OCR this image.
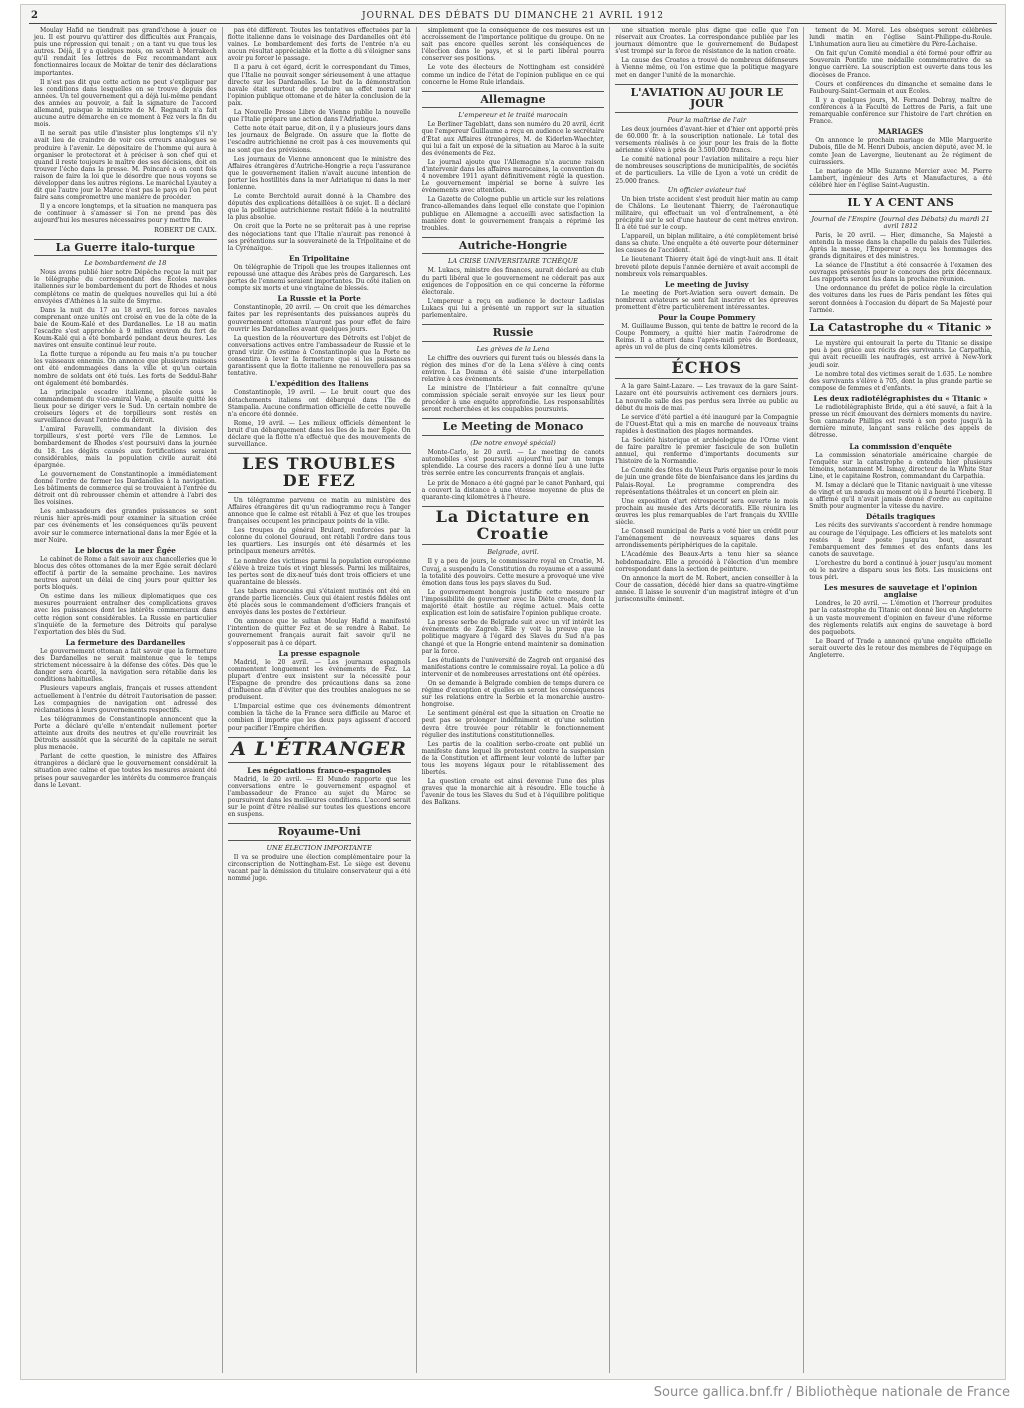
2	JOURNAL DES DÉBATS DU DIMANCHE 21 AVRIL 1912

Moulay Hafid ne tiendrait pas grand'chose à jouer ce jeu. Il est pourvu qu'attirer des difficultés aux Français, puis une répression qui tenait ; on a tant vu que tous les autres. Déjà, il y a quelques mois, on savait à Merrakech qu'il rendait les lettres de Fez recommandant aux fonctionnaires locaux de Moktar de tenir des déclarations importantes.

Il n'est pas dit que cette action ne peut s'expliquer par les conditions dans lesquelles on se trouve depuis des années. Un tel gouvernement qui a déjà lui-même pendant des années au pouvoir, a fait la signature de l'accord allemand, puisque le ministre de M. Regnault n'a fait aucune autre démarche en ce moment à Fez vers la fin du mois.

Il ne serait pas utile d'insister plus longtemps s'il n'y avait lieu de craindre de voir ces erreurs analogues se produire à l'avenir. Le dépositaire de l'homme qui aura à organiser le protectorat et à préciser à son chef qui et quand il reste toujours le maître des ses décisions, doit en trouver l'écho dans la presse. M. Poincaré a en cent fois raison de faire la loi que le désordre que nous voyons se développer dans les autres régions. Le maréchal Lyautey a dit que l'autre jour le Maroc n'est pas le pays où l'on peut faire sans compromettre une manière de procéder.

Il y a encore longtemps, et la situation ne manquera pas de continuer à s'amasser si l'on ne prend pas dès aujourd'hui les mesures nécessaires pour y mettre fin.

ROBERT DE CAIX.
La Guerre italo-turque
Le bombardement de 18

Nous avons publié hier notre Dépêche reçue la nuit par le télégraphe du correspondant des Écoles navales italiennes sur le bombardement du port de Rhodes et nous complétons ce matin de quelques nouvelles qui lui a été envoyées d'Athènes à la suite de Smyrne.

Dans la nuit du 17 au 18 avril, les forces navales comprenant onze unités ont croisé en vue de la côte de la baie de Koum-Kalé et des Dardanelles. Le 18 au matin l'escadre s'est approchée à 9 milles environ du fort de Koum-Kalé qui a été bombardé pendant deux heures. Les navires ont ensuite continué leur route.

La flotte turque a répondu au feu mais n'a pu toucher les vaisseaux ennemis. On annonce que plusieurs maisons ont été endommagées dans la ville et qu'un certain nombre de soldats ont été tués. Les forts de Seddul-Bahr ont également été bombardés.

La principale escadre italienne, placée sous le commandement du vice-amiral Viale, a ensuite quitté les lieux pour se diriger vers le Sud. Un certain nombre de croiseurs légers et de torpilleurs sont restés en surveillance devant l'entrée du détroit.

L'amiral Faravelli, commandant la division des torpilleurs, s'est porté vers l'île de Lemnos. Le bombardement de Rhodes s'est poursuivi dans la journée du 18. Les dégâts causés aux fortifications seraient considérables, mais la population civile aurait été épargnée.

Le gouvernement de Constantinople a immédiatement donné l'ordre de fermer les Dardanelles à la navigation. Les bâtiments de commerce qui se trouvaient à l'entrée du détroit ont dû rebrousser chemin et attendre à l'abri des îles voisines.

Les ambassadeurs des grandes puissances se sont réunis hier après-midi pour examiner la situation créée par ces événements et les conséquences qu'ils peuvent avoir sur le commerce international dans la mer Égée et la mer Noire.

Le blocus de la mer Égée

Le cabinet de Rome a fait savoir aux chancelleries que le blocus des côtes ottomanes de la mer Égée serait déclaré effectif à partir de la semaine prochaine. Les navires neutres auront un délai de cinq jours pour quitter les ports bloqués.

On estime dans les milieux diplomatiques que ces mesures pourraient entraîner des complications graves avec les puissances dont les intérêts commerciaux dans cette région sont considérables. La Russie en particulier s'inquiète de la fermeture des Détroits qui paralyse l'exportation des blés du Sud.

La fermeture des Dardanelles

Le gouvernement ottoman a fait savoir que la fermeture des Dardanelles ne serait maintenue que le temps strictement nécessaire à la défense des côtes. Dès que le danger sera écarté, la navigation sera rétablie dans les conditions habituelles.

Plusieurs vapeurs anglais, français et russes attendent actuellement à l'entrée du détroit l'autorisation de passer. Les compagnies de navigation ont adressé des réclamations à leurs gouvernements respectifs.

Les télégrammes de Constantinople annoncent que la Porte a déclaré qu'elle n'entendait nullement porter atteinte aux droits des neutres et qu'elle rouvrirait les Détroits aussitôt que la sécurité de la capitale ne serait plus menacée.

Parlant de cette question, le ministre des Affaires étrangères a déclaré que le gouvernement considérait la situation avec calme et que toutes les mesures avaient été prises pour sauvegarder les intérêts du commerce français dans le Levant.

pas été différent. Toutes les tentatives effectuées par la flotte italienne dans le voisinage des Dardanelles ont été vaines. Le bombardement des forts de l'entrée n'a eu aucun résultat appréciable et la flotte a dû s'éloigner sans avoir pu forcer le passage.

Il a paru à cet égard, écrit le correspondant du Times, que l'Italie ne pouvait songer sérieusement à une attaque directe sur les Dardanelles. Le but de la démonstration navale était surtout de produire un effet moral sur l'opinion publique ottomane et de hâter la conclusion de la paix.

La Nouvelle Presse Libre de Vienne publie la nouvelle que l'Italie prépare une action dans l'Adriatique.

Cette note était parue, dit-on, il y a plusieurs jours dans les journaux de Belgrade. On assure que la flotte de l'escadre autrichienne ne croit pas à ces mouvements qui ne sont que des prévisions.

Les journaux de Vienne annoncent que le ministre des Affaires étrangères d'Autriche-Hongrie a reçu l'assurance que le gouvernement italien n'avait aucune intention de porter les hostilités dans la mer Adriatique ni dans la mer Ionienne.

Le comte Berchtold aurait donné à la Chambre des députés des explications détaillées à ce sujet. Il a déclaré que la politique autrichienne restait fidèle à la neutralité la plus absolue.

On croit que la Porte ne se prêterait pas à une reprise des négociations tant que l'Italie n'aurait pas renoncé à ses prétentions sur la souveraineté de la Tripolitaine et de la Cyrénaïque.

En Tripolitaine

On télégraphie de Tripoli que les troupes italiennes ont repoussé une attaque des Arabes près de Gargaresch. Les pertes de l'ennemi seraient importantes. Du côté italien on compte six morts et une vingtaine de blessés.

La Russie et la Porte

Constantinople, 20 avril. — On croit que les démarches faites par les représentants des puissances auprès du gouvernement ottoman n'auront pas pour effet de faire rouvrir les Dardanelles avant quelques jours.

La question de la réouverture des Détroits est l'objet de conversations actives entre l'ambassadeur de Russie et le grand vizir. On estime à Constantinople que la Porte ne consentira à lever la fermeture que si les puissances garantissent que la flotte italienne ne renouvellera pas sa tentative.

L'expédition des Italiens

Constantinople, 19 avril. — Le bruit court que des détachements italiens ont débarqué dans l'île de Stampalia. Aucune confirmation officielle de cette nouvelle n'a encore été donnée.

Rome, 19 avril. — Les milieux officiels démentent le bruit d'un débarquement dans les îles de la mer Égée. On déclare que la flotte n'a effectué que des mouvements de surveillance.

LES TROUBLES DE FEZ

Un télégramme parvenu ce matin au ministère des Affaires étrangères dit qu'un radiogramme reçu à Tanger annonce que le calme est rétabli à Fez et que les troupes françaises occupent les principaux points de la ville.

Les troupes du général Brulard, renforcées par la colonne du colonel Gouraud, ont rétabli l'ordre dans tous les quartiers. Les insurgés ont été désarmés et les principaux meneurs arrêtés.

Le nombre des victimes parmi la population européenne s'élève à treize tués et vingt blessés. Parmi les militaires, les pertes sont de dix-neuf tués dont trois officiers et une quarantaine de blessés.

Les tabors marocains qui s'étaient mutinés ont été en grande partie licenciés. Ceux qui étaient restés fidèles ont été placés sous le commandement d'officiers français et envoyés dans les postes de l'extérieur.

On annonce que le sultan Moulay Hafid a manifesté l'intention de quitter Fez et de se rendre à Rabat. Le gouvernement français aurait fait savoir qu'il ne s'opposerait pas à ce départ.

La presse espagnole

Madrid, le 20 avril. — Les journaux espagnols commentent longuement les événements de Fez. La plupart d'entre eux insistent sur la nécessité pour l'Espagne de prendre des précautions dans sa zone d'influence afin d'éviter que des troubles analogues ne se produisent.

L'Imparcial estime que ces événements démontrent combien la tâche de la France sera difficile au Maroc et combien il importe que les deux pays agissent d'accord pour pacifier l'Empire chérifien.

A L'ÉTRANGER
Les négociations franco-espagnoles

Madrid, le 20 avril. — El Mundo rapporte que les conversations entre le gouvernement espagnol et l'ambassadeur de France au sujet du Maroc se poursuivent dans les meilleures conditions. L'accord serait sur le point d'être réalisé sur toutes les questions encore en suspens.

Royaume-Uni
UNE ÉLECTION IMPORTANTE

Il va se produire une élection complémentaire pour la circonscription de Nottingham-Est. Le siège est devenu vacant par la démission du titulaire conservateur qui a été nommé juge.

simplement que la conséquence de ces mesures est un accroissement de l'importance politique du groupe. On ne sait pas encore quelles seront les conséquences de l'élection dans le pays, et si le parti libéral pourra conserver ses positions.

Le vote des électeurs de Nottingham est considéré comme un indice de l'état de l'opinion publique en ce qui concerne le Home Rule irlandais.

Allemagne
L'empereur et le traité marocain

Le Berliner Tageblatt, dans son numéro du 20 avril, écrit que l'empereur Guillaume a reçu en audience le secrétaire d'État aux Affaires étrangères, M. de Kiderlen-Waechter, qui lui a fait un exposé de la situation au Maroc à la suite des événements de Fez.

Le journal ajoute que l'Allemagne n'a aucune raison d'intervenir dans les affaires marocaines, la convention du 4 novembre 1911 ayant définitivement réglé la question. Le gouvernement impérial se borne à suivre les événements avec attention.

La Gazette de Cologne publie un article sur les relations franco-allemandes dans lequel elle constate que l'opinion publique en Allemagne a accueilli avec satisfaction la manière dont le gouvernement français a réprimé les troubles.

Autriche-Hongrie
LA CRISE UNIVERSITAIRE TCHÈQUE

M. Lukacs, ministre des finances, aurait déclaré au club du parti libéral que le gouvernement ne céderait pas aux exigences de l'opposition en ce qui concerne la réforme électorale.

L'empereur a reçu en audience le docteur Ladislas Lukacs qui lui a présenté un rapport sur la situation parlementaire.

Russie
Les grèves de la Lena

Le chiffre des ouvriers qui furent tués ou blessés dans la région des mines d'or de la Lena s'élève à cinq cents environ. La Douma a été saisie d'une interpellation relative à ces événements.

Le ministre de l'Intérieur a fait connaître qu'une commission spéciale serait envoyée sur les lieux pour procéder à une enquête approfondie. Les responsabilités seront recherchées et les coupables poursuivis.

Le Meeting de Monaco
(De notre envoyé spécial)

Monte-Carlo, le 20 avril. — Le meeting de canots automobiles s'est poursuivi aujourd'hui par un temps splendide. La course des racers a donné lieu à une lutte très serrée entre les concurrents français et anglais.

Le prix de Monaco a été gagné par le canot Panhard, qui a couvert la distance à une vitesse moyenne de plus de quarante-cinq kilomètres à l'heure.

La Dictature en Croatie
Belgrade, avril.

Il y a peu de jours, le commissaire royal en Croatie, M. Cuvaj, a suspendu la Constitution du royaume et a assumé la totalité des pouvoirs. Cette mesure a provoqué une vive émotion dans tous les pays slaves du Sud.

Le gouvernement hongrois justifie cette mesure par l'impossibilité de gouverner avec la Diète croate, dont la majorité était hostile au régime actuel. Mais cette explication est loin de satisfaire l'opinion publique croate.

La presse serbe de Belgrade suit avec un vif intérêt les événements de Zagreb. Elle y voit la preuve que la politique magyare à l'égard des Slaves du Sud n'a pas changé et que la Hongrie entend maintenir sa domination par la force.

Les étudiants de l'université de Zagreb ont organisé des manifestations contre le commissaire royal. La police a dû intervenir et de nombreuses arrestations ont été opérées.

On se demande à Belgrade combien de temps durera ce régime d'exception et quelles en seront les conséquences sur les relations entre la Serbie et la monarchie austro-hongroise.

Le sentiment général est que la situation en Croatie ne peut pas se prolonger indéfiniment et qu'une solution devra être trouvée pour rétablir le fonctionnement régulier des institutions constitutionnelles.

Les partis de la coalition serbo-croate ont publié un manifeste dans lequel ils protestent contre la suspension de la Constitution et affirment leur volonté de lutter par tous les moyens légaux pour le rétablissement des libertés.

La question croate est ainsi devenue l'une des plus graves que la monarchie ait à résoudre. Elle touche à l'avenir de tous les Slaves du Sud et à l'équilibre politique des Balkans.

une situation morale plus digne que celle que l'on réservait aux Croates. La correspondance publiée par les journaux démontre que le gouvernement de Budapest s'est trompé sur la force de résistance de la nation croate.

La cause des Croates a trouvé de nombreux défenseurs à Vienne même, où l'on estime que la politique magyare met en danger l'unité de la monarchie.

L'AVIATION AU JOUR LE JOUR
Pour la maîtrise de l'air

Les deux journées d'avant-hier et d'hier ont apporté près de 60.000 fr. à la souscription nationale. Le total des versements réalisés à ce jour pour les frais de la flotte aérienne s'élève à près de 3.500.000 francs.

Le comité national pour l'aviation militaire a reçu hier de nombreuses souscriptions de municipalités, de sociétés et de particuliers. La ville de Lyon a voté un crédit de 25.000 francs.

Un officier aviateur tué

Un bien triste accident s'est produit hier matin au camp de Châlons. Le lieutenant Thierry, de l'aéronautique militaire, qui effectuait un vol d'entraînement, a été précipité sur le sol d'une hauteur de cent mètres environ. Il a été tué sur le coup.

L'appareil, un biplan militaire, a été complètement brisé dans sa chute. Une enquête a été ouverte pour déterminer les causes de l'accident.

Le lieutenant Thierry était âgé de vingt-huit ans. Il était breveté pilote depuis l'année dernière et avait accompli de nombreux vols remarquables.

Le meeting de Juvisy

Le meeting de Port-Aviation sera ouvert demain. De nombreux aviateurs se sont fait inscrire et les épreuves promettent d'être particulièrement intéressantes.

Pour la Coupe Pommery

M. Guillaume Busson, qui tente de battre le record de la Coupe Pommery, a quitté hier matin l'aérodrome de Reims. Il a atterri dans l'après-midi près de Bordeaux, après un vol de plus de cinq cents kilomètres.

ÉCHOS

A la gare Saint-Lazare. — Les travaux de la gare Saint-Lazare ont été poursuivis activement ces derniers jours. La nouvelle salle des pas perdus sera livrée au public au début du mois de mai.

Le service d'été partiel a été inauguré par la Compagnie de l'Ouest-État qui a mis en marche de nouveaux trains rapides à destination des plages normandes.

La Société historique et archéologique de l'Orne vient de faire paraître le premier fascicule de son bulletin annuel, qui renferme d'importants documents sur l'histoire de la Normandie.

Le Comité des fêtes du Vieux Paris organise pour le mois de juin une grande fête de bienfaisance dans les jardins du Palais-Royal. Le programme comprendra des représentations théâtrales et un concert en plein air.

Une exposition d'art rétrospectif sera ouverte le mois prochain au musée des Arts décoratifs. Elle réunira les œuvres les plus remarquables de l'art français du XVIIIe siècle.

Le Conseil municipal de Paris a voté hier un crédit pour l'aménagement de nouveaux squares dans les arrondissements périphériques de la capitale.

L'Académie des Beaux-Arts a tenu hier sa séance hebdomadaire. Elle a procédé à l'élection d'un membre correspondant dans la section de peinture.

On annonce la mort de M. Robert, ancien conseiller à la Cour de cassation, décédé hier dans sa quatre-vingtième année. Il laisse le souvenir d'un magistrat intègre et d'un jurisconsulte éminent.

tement de M. Morel. Les obsèques seront célébrées lundi matin en l'église Saint-Philippe-du-Roule. L'inhumation aura lieu au cimetière du Père-Lachaise.

On fait qu'un Comité mondial a été formé pour offrir au Souverain Pontife une médaille commémorative de sa longue carrière. La souscription est ouverte dans tous les diocèses de France.

Cours et conférences du dimanche et semaine dans le Faubourg-Saint-Germain et aux Écoles.

Il y a quelques jours, M. Fernand Debray, maître de conférences à la Faculté de Lettres de Paris, a fait une remarquable conférence sur l'histoire de l'art chrétien en France.

MARIAGES

On annonce le prochain mariage de Mlle Marguerite Dubois, fille de M. Henri Dubois, ancien député, avec M. le comte Jean de Lavergne, lieutenant au 2e régiment de cuirassiers.

Le mariage de Mlle Suzanne Mercier avec M. Pierre Lambert, ingénieur des Arts et Manufactures, a été célébré hier en l'église Saint-Augustin.

IL Y A CENT ANS
Journal de l'Empire (Journal des Débats) du mardi 21 avril 1812

Paris, le 20 avril. — Hier, dimanche, Sa Majesté a entendu la messe dans la chapelle du palais des Tuileries. Après la messe, l'Empereur a reçu les hommages des grands dignitaires et des ministres.

La séance de l'Institut a été consacrée à l'examen des ouvrages présentés pour le concours des prix décennaux. Les rapports seront lus dans la prochaine réunion.

Une ordonnance du préfet de police règle la circulation des voitures dans les rues de Paris pendant les fêtes qui seront données à l'occasion du départ de Sa Majesté pour l'armée.

La Catastrophe du « Titanic »

Le mystère qui entourait la perte du Titanic se dissipe peu à peu grâce aux récits des survivants. Le Carpathia, qui avait recueilli les naufragés, est arrivé à New-York jeudi soir.

Le nombre total des victimes serait de 1.635. Le nombre des survivants s'élève à 705, dont la plus grande partie se compose de femmes et d'enfants.

Les deux radiotélégraphistes du « Titanic »

Le radiotélégraphiste Bride, qui a été sauvé, a fait à la presse un récit émouvant des derniers moments du navire. Son camarade Phillips est resté à son poste jusqu'à la dernière minute, lançant sans relâche des appels de détresse.

La commission d'enquête

La commission sénatoriale américaine chargée de l'enquête sur la catastrophe a entendu hier plusieurs témoins, notamment M. Ismay, directeur de la White Star Line, et le capitaine Rostron, commandant du Carpathia.

M. Ismay a déclaré que le Titanic naviguait à une vitesse de vingt et un nœuds au moment où il a heurté l'iceberg. Il a affirmé qu'il n'avait jamais donné d'ordre au capitaine Smith pour augmenter la vitesse du navire.

Détails tragiques

Les récits des survivants s'accordent à rendre hommage au courage de l'équipage. Les officiers et les matelots sont restés à leur poste jusqu'au bout, assurant l'embarquement des femmes et des enfants dans les canots de sauvetage.

L'orchestre du bord a continué à jouer jusqu'au moment où le navire a disparu sous les flots. Les musiciens ont tous péri.

Les mesures de sauvetage et l'opinion anglaise

Londres, le 20 avril. — L'émotion et l'horreur produites par la catastrophe du Titanic ont donné lieu en Angleterre à un vaste mouvement d'opinion en faveur d'une réforme des règlements relatifs aux engins de sauvetage à bord des paquebots.

Le Board of Trade a annoncé qu'une enquête officielle serait ouverte dès le retour des membres de l'équipage en Angleterre.

Source gallica.bnf.fr / Bibliothèque nationale de France
